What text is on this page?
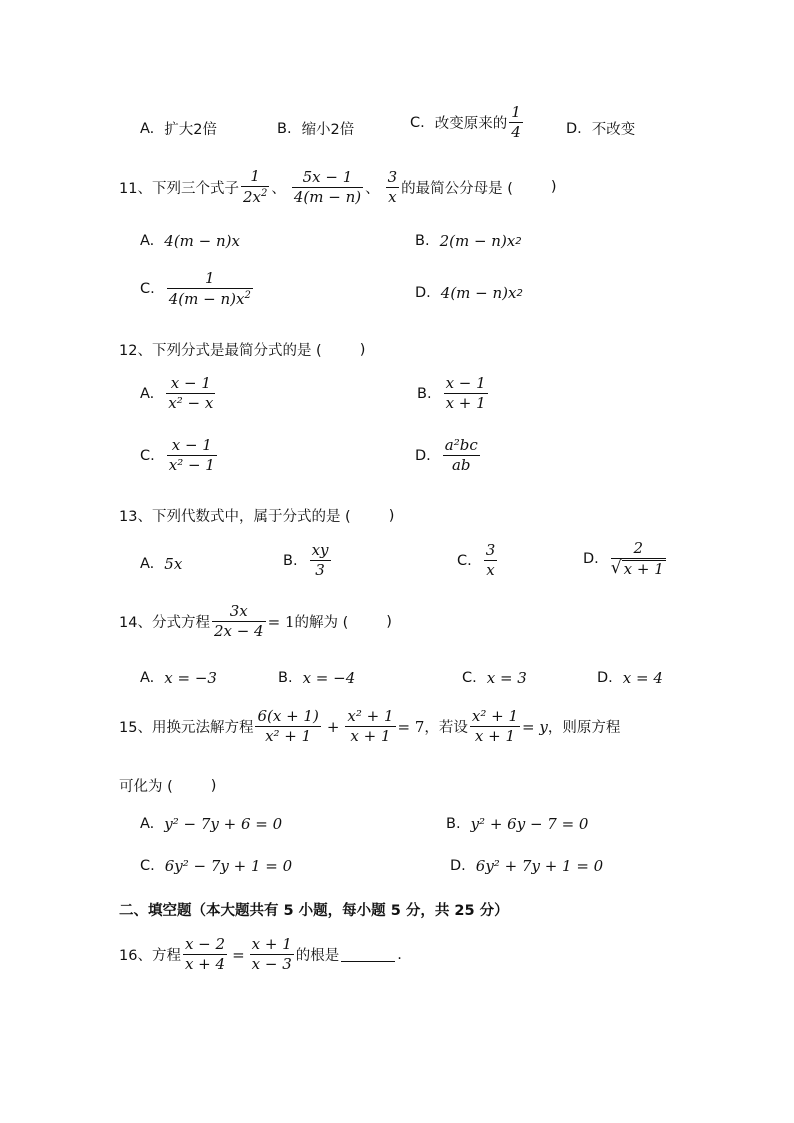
A. 扩大2倍	B. 缩小2倍	C. 改变原来的 $\frac{1}{4}$	D. 不改变
11、 下列三个式子 $\frac{1}{2x^2}$ 、 $\frac{5x - 1}{4(m - n)}$ 、 $\frac{3}{x}$ 的最简公分母是 (	)
A. 4(m − n)x	B. 2(m − n)x 2
C. $\frac{1}{4(m - n)x^2}$	D. 4(m − n)x 2
12、 下列分式是最简分式的是 (	)
A. $\frac{x - 1}{\text{x² − x}}$	B. $\frac{x - 1}{x + 1}$
C. $\frac{x - 1}{\text{x² − 1}}$	D. $\frac{\text{a²bc}}{ab}$
13、 下列代数式中，属于分式的是 (	)
A. 5x	B. $\frac{xy}{3}$	C. $\frac{3}{x}$	D. $\frac{2}{√ x + 1}$
14、 分式方程 $\frac{3x}{2x - 4} = 1$ 的解为 (	)
A. x = −3	B. x = −4	C. x = 3	D. x = 4
15、 用换元法解方程 $\frac{6(x + 1)}{\text{x² + 1}} + \frac{\text{x² + 1}}{x + 1} = 7$ ，若设 $\frac{\text{x² + 1}}{x + 1} = y$ ，则原方程
可化为 (	)
A. y² − 7y + 6 = 0	B. y² + 6y − 7 = 0
C. 6y² − 7y + 1 = 0	D. 6y² + 7y + 1 = 0
二、填空题（本大题共有 5 小题，每小题 5 分，共 25 分）
16、 方程 $\frac{x - 2}{x + 4} = \frac{x + 1}{x - 3}$ 的根是	.
